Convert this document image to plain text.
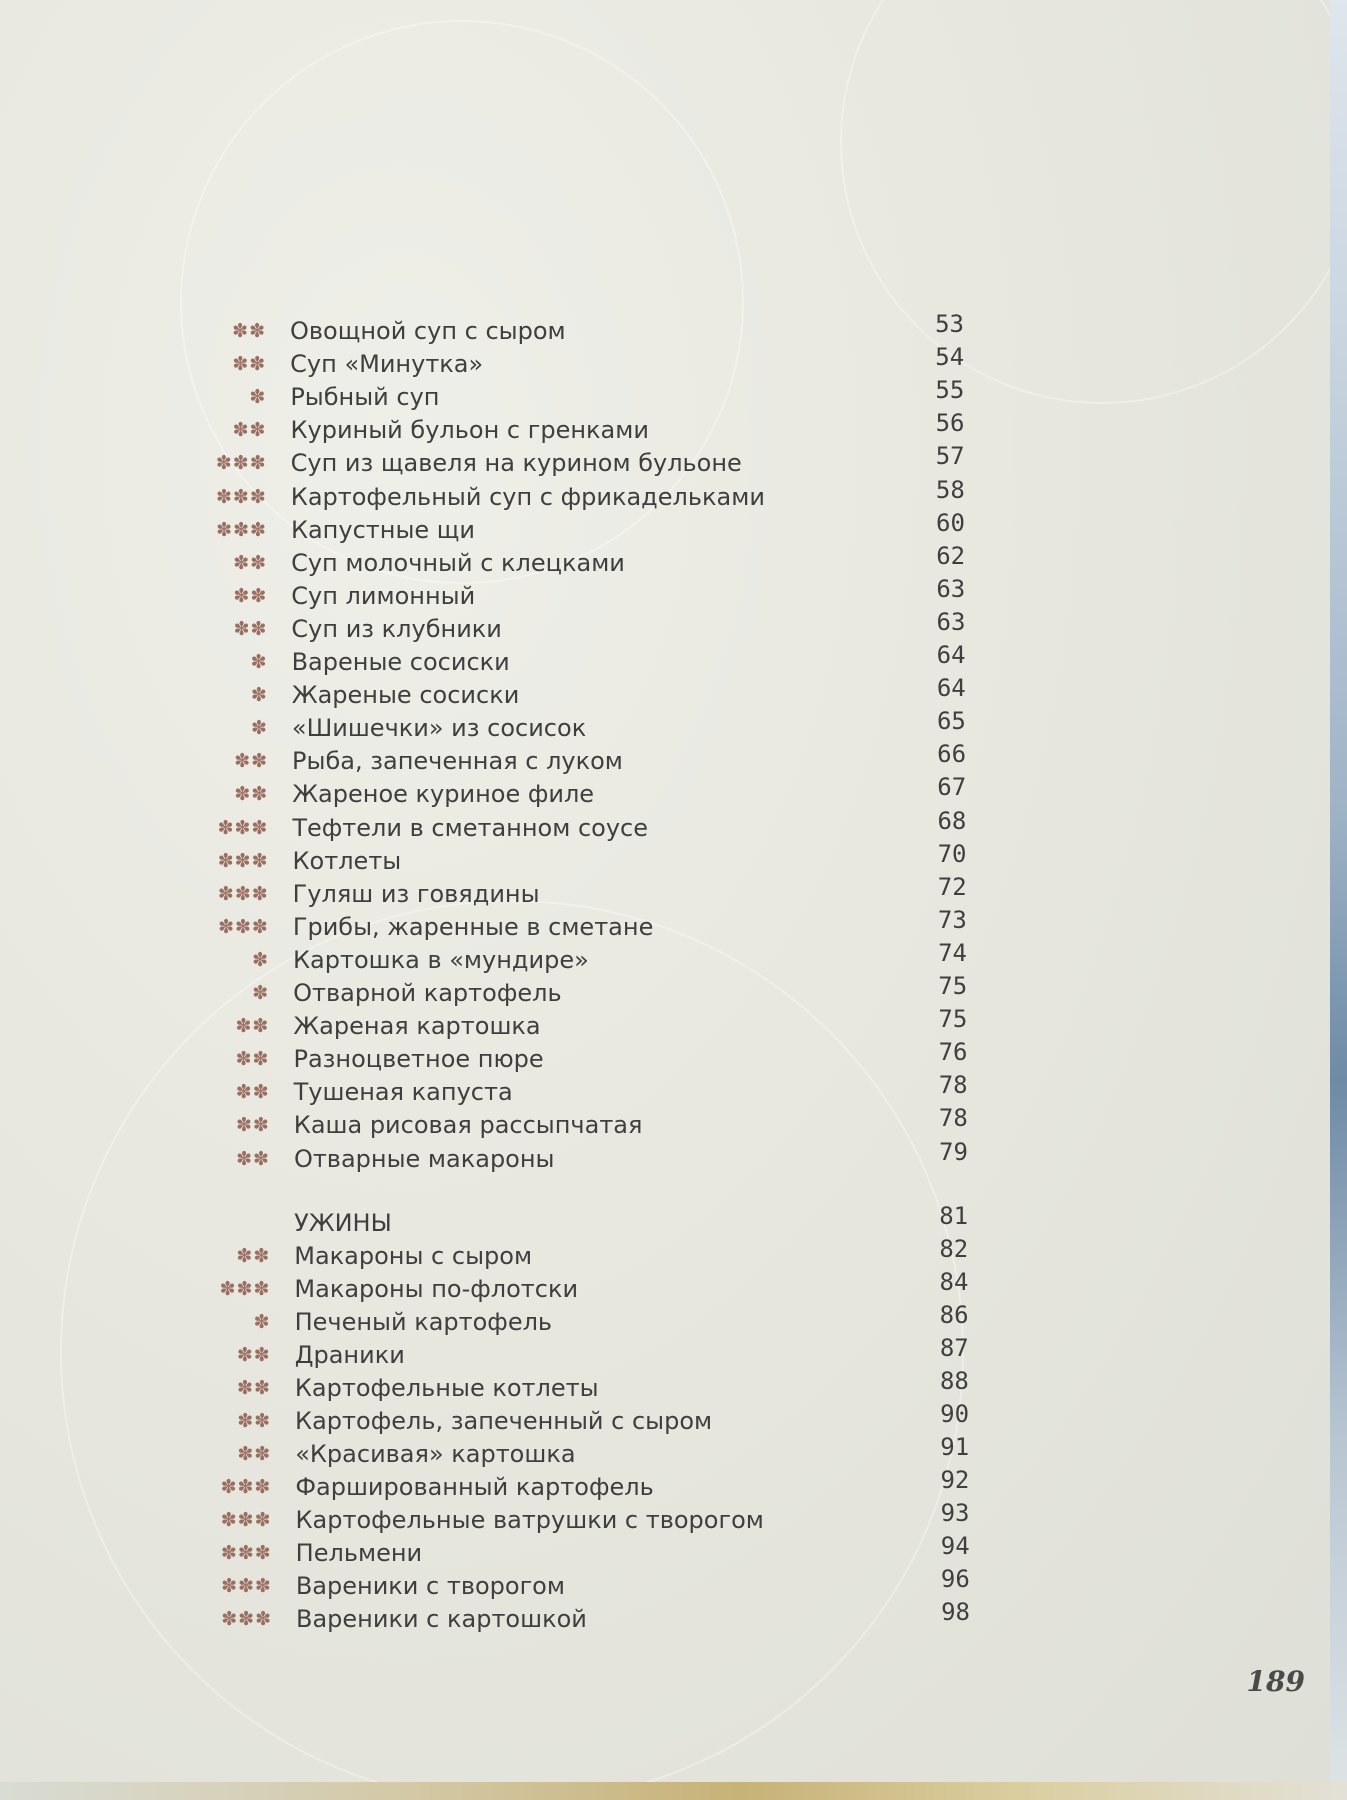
✽✽ Овощной суп с сыром	53
✽✽ Суп «Минутка»	54
✽ Рыбный суп	55
✽✽ Куриный бульон с гренками	56
✽✽✽ Суп из щавеля на курином бульоне	57
✽✽✽ Картофельный суп с фрикадельками	58
✽✽✽ Капустные щи	60
✽✽ Суп молочный с клецками	62
✽✽ Суп лимонный	63
✽✽ Суп из клубники	63
✽ Вареные сосиски	64
✽ Жареные сосиски	64
✽ «Шишечки» из сосисок	65
✽✽ Рыба, запеченная с луком	66
✽✽ Жареное куриное филе	67
✽✽✽ Тефтели в сметанном соусе	68
✽✽✽ Котлеты	70
✽✽✽ Гуляш из говядины	72
✽✽✽ Грибы, жаренные в сметане	73
✽ Картошка в «мундире»	74
✽ Отварной картофель	75
✽✽ Жареная картошка	75
✽✽ Разноцветное пюре	76
✽✽ Тушеная капуста	78
✽✽ Каша рисовая рассыпчатая	78
✽✽ Отварные макароны	79
УЖИНЫ	81
✽✽ Макароны с сыром	82
✽✽✽ Макароны по-флотски	84
✽ Печеный картофель	86
✽✽ Драники	87
✽✽ Картофельные котлеты	88
✽✽ Картофель, запеченный с сыром	90
✽✽ «Красивая» картошка	91
✽✽✽ Фаршированный картофель	92
✽✽✽ Картофельные ватрушки с творогом	93
✽✽✽ Пельмени	94
✽✽✽ Вареники с творогом	96
✽✽✽ Вареники с картошкой	98
189
